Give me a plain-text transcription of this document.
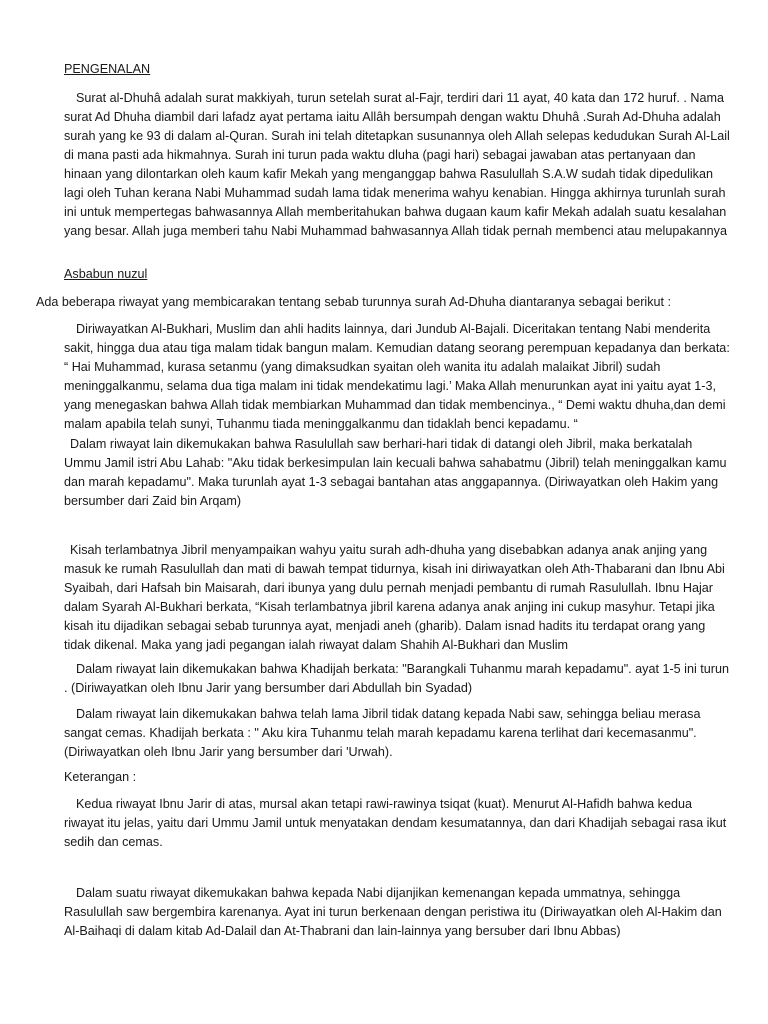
PENGENALAN

Surat al-Dhuhâ adalah surat makkiyah, turun setelah surat al-Fajr, terdiri dari 11 ayat, 40 kata dan 172 huruf. . Nama surat Ad Dhuha diambil dari lafadz ayat pertama iaitu Allâh bersumpah dengan waktu Dhuhâ .Surah Ad-Dhuha adalah surah yang ke 93 di dalam al-Quran. Surah ini telah ditetapkan susunannya oleh Allah selepas kedudukan Surah Al-Lail di mana pasti ada hikmahnya. Surah ini turun pada waktu dluha (pagi hari) sebagai jawaban atas pertanyaan dan hinaan yang dilontarkan oleh kaum kafir Mekah yang menganggap bahwa Rasulullah S.A.W sudah tidak dipedulikan lagi oleh Tuhan kerana Nabi Muhammad sudah lama tidak menerima wahyu kenabian. Hingga akhirnya turunlah surah ini untuk mempertegas bahwasannya Allah memberitahukan bahwa dugaan kaum kafir Mekah adalah suatu kesalahan yang besar. Allah juga memberi tahu Nabi Muhammad bahwasannya Allah tidak pernah membenci atau melupakannya

Asbabun nuzul

Ada beberapa riwayat yang membicarakan tentang sebab turunnya surah Ad-Dhuha diantaranya sebagai berikut :

Diriwayatkan Al-Bukhari, Muslim dan ahli hadits lainnya, dari Jundub Al-Bajali. Diceritakan tentang Nabi menderita sakit, hingga dua atau tiga malam tidak bangun malam. Kemudian datang seorang perempuan kepadanya dan berkata: “ Hai Muhammad, kurasa setanmu (yang dimaksudkan syaitan oleh wanita itu adalah malaikat Jibril) sudah meninggalkanmu, selama dua tiga malam ini tidak mendekatimu lagi.’ Maka Allah menurunkan ayat ini yaitu ayat 1-3, yang menegaskan bahwa Allah tidak membiarkan Muhammad dan tidak membencinya., “ Demi waktu dhuha,dan demi malam apabila telah sunyi, Tuhanmu tiada meninggalkanmu dan tidaklah benci kepadamu. “

Dalam riwayat lain dikemukakan bahwa Rasulullah saw berhari-hari tidak di datangi oleh Jibril, maka berkatalah Ummu Jamil istri Abu Lahab: "Aku tidak berkesimpulan lain kecuali bahwa sahabatmu (Jibril) telah meninggalkan kamu dan marah kepadamu". Maka turunlah ayat 1-3 sebagai bantahan atas anggapannya. (Diriwayatkan oleh Hakim yang bersumber dari Zaid bin Arqam)

Kisah terlambatnya Jibril menyampaikan wahyu yaitu surah adh-dhuha yang disebabkan adanya anak anjing yang masuk ke rumah Rasulullah dan mati di bawah tempat tidurnya, kisah ini diriwayatkan oleh Ath-Thabarani dan Ibnu Abi Syaibah, dari Hafsah bin Maisarah, dari ibunya yang dulu pernah menjadi pembantu di rumah Rasulullah. Ibnu Hajar dalam Syarah Al-Bukhari berkata, “Kisah terlambatnya jibril karena adanya anak anjing ini cukup masyhur. Tetapi jika kisah itu dijadikan sebagai sebab turunnya ayat, menjadi aneh (gharib). Dalam isnad hadits itu terdapat orang yang tidak dikenal. Maka yang jadi pegangan ialah riwayat dalam Shahih Al-Bukhari dan Muslim

Dalam riwayat lain dikemukakan bahwa Khadijah berkata: "Barangkali Tuhanmu marah kepadamu". ayat 1-5 ini turun . (Diriwayatkan oleh Ibnu Jarir yang bersumber dari Abdullah bin Syadad)

Dalam riwayat lain dikemukakan bahwa telah lama Jibril tidak datang kepada Nabi saw, sehingga beliau merasa sangat cemas. Khadijah berkata : " Aku kira Tuhanmu telah marah kepadamu karena terlihat dari kecemasanmu". (Diriwayatkan oleh Ibnu Jarir yang bersumber dari 'Urwah).

Keterangan :

Kedua riwayat Ibnu Jarir di atas, mursal akan tetapi rawi-rawinya tsiqat (kuat). Menurut Al-Hafidh bahwa kedua riwayat itu jelas, yaitu dari Ummu Jamil untuk menyatakan dendam kesumatannya, dan dari Khadijah sebagai rasa ikut sedih dan cemas.

Dalam suatu riwayat dikemukakan bahwa kepada Nabi dijanjikan kemenangan kepada ummatnya, sehingga Rasulullah saw bergembira karenanya. Ayat ini turun berkenaan dengan peristiwa itu (Diriwayatkan oleh Al-Hakim dan Al-Baihaqi di dalam kitab Ad-Dalail dan At-Thabrani dan lain-lainnya yang bersuber dari Ibnu Abbas)
